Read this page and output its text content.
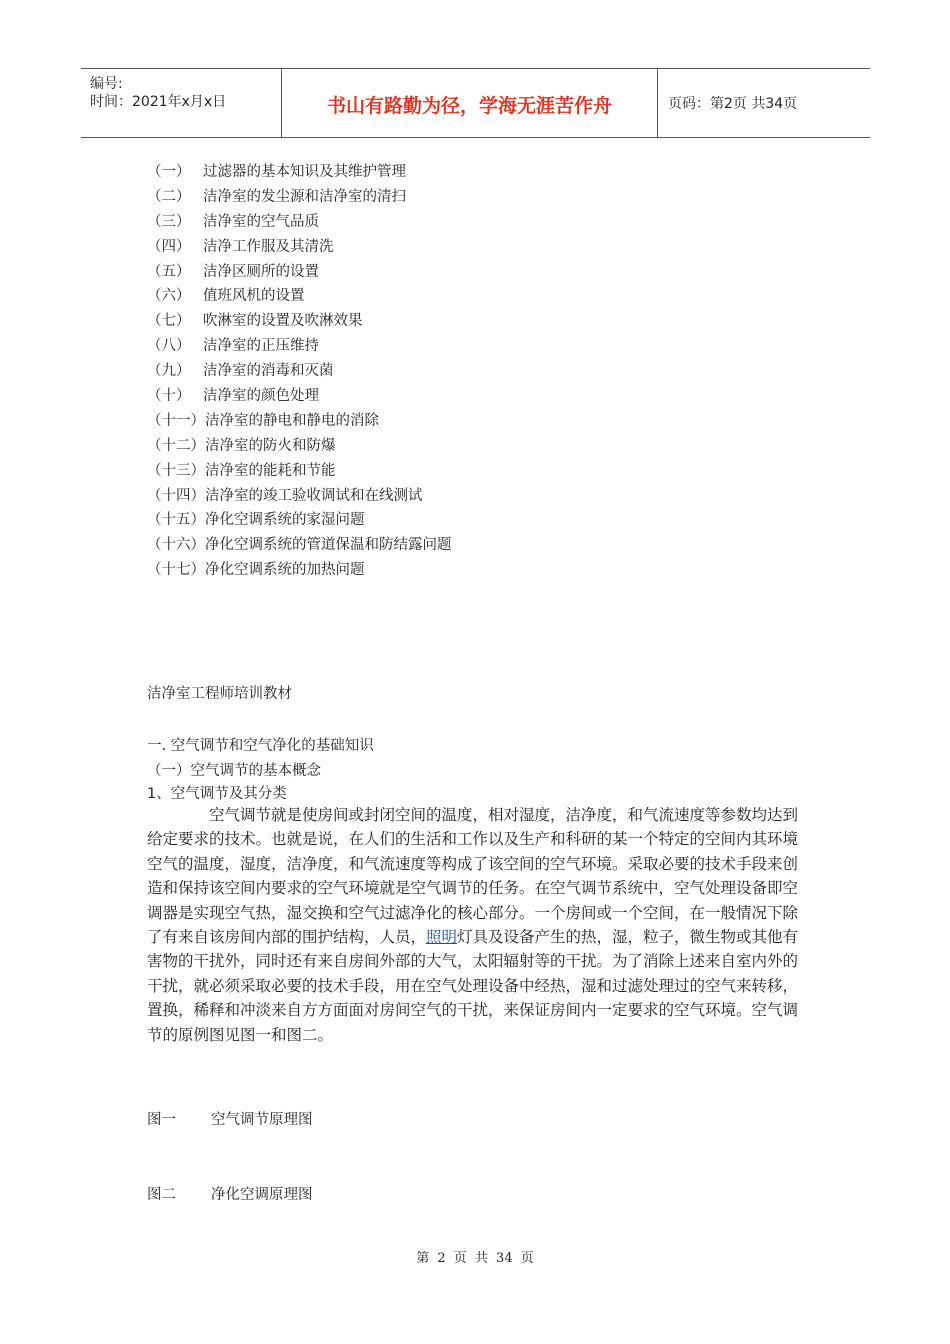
编号:
时间：2021年x月x日	书山有路勤为径，学海无涯苦作舟	页码：第2页 共34页
（一） 过滤器的基本知识及其维护管理
（二） 洁净室的发尘源和洁净室的清扫
（三） 洁净室的空气品质
（四） 洁净工作服及其清洗
（五） 洁净区厕所的设置
（六） 值班风机的设置
（七） 吹淋室的设置及吹淋效果
（八） 洁净室的正压维持
（九） 洁净室的消毒和灭菌
（十） 洁净室的颜色处理
（十一）洁净室的静电和静电的消除
（十二）洁净室的防火和防爆
（十三）洁净室的能耗和节能
（十四）洁净室的竣工验收调试和在线测试
（十五）净化空调系统的家湿问题
（十六）净化空调系统的管道保温和防结露问题
（十七）净化空调系统的加热问题
洁净室工程师培训教材
一. 空气调节和空气净化的基础知识
（一）空气调节的基本概念
1、空气调节及其分类
空气调节就是使房间或封闭空间的温度，相对湿度，洁净度，和气流速度等参数均达到给定要求的技术。也就是说，在人们的生活和工作以及生产和科研的某一个特定的空间内其环境空气的温度，湿度，洁净度，和气流速度等构成了该空间的空气环境。采取必要的技术手段来创造和保持该空间内要求的空气环境就是空气调节的任务。在空气调节系统中，空气处理设备即空调器是实现空气热，湿交换和空气过滤净化的核心部分。一个房间或一个空间，在一般情况下除了有来自该房间内部的围护结构，人员，照明灯具及设备产生的热，湿，粒子，微生物或其他有害物的干扰外，同时还有来自房间外部的大气，太阳辐射等的干扰。为了消除上述来自室内外的干扰，就必须采取必要的技术手段，用在空气处理设备中经热，湿和过滤处理过的空气来转移，置换，稀释和冲淡来自方方面面对房间空气的干扰，来保证房间内一定要求的空气环境。空气调节的原例图见图一和图二。
图一 空气调节原理图
图二 净化空调原理图
第 2 页 共 34 页
